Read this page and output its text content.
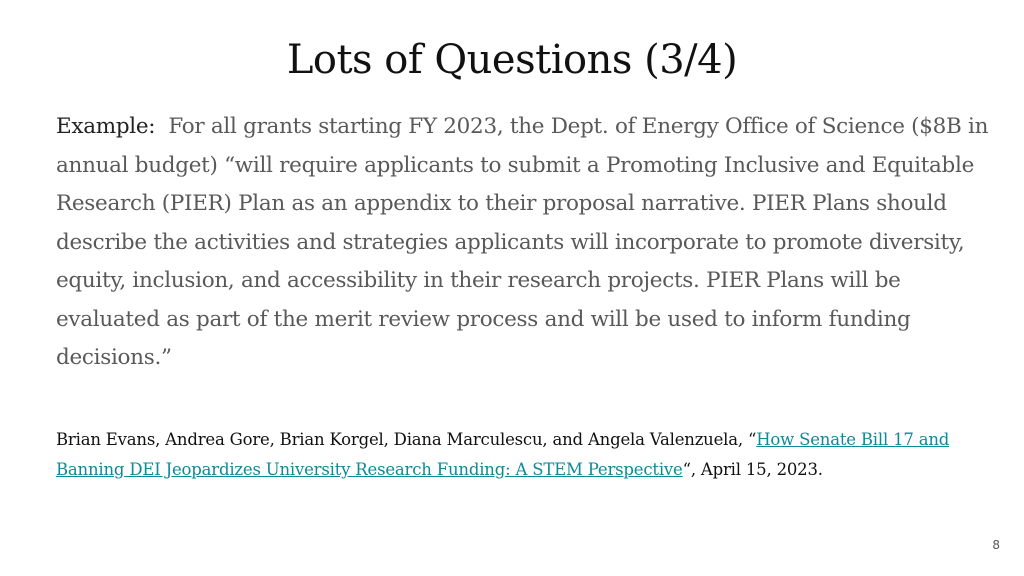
Lots of Questions (3/4)
Example: For all grants starting FY 2023, the Dept. of Energy Office of Science ($8B in annual budget) “will require applicants to submit a Promoting Inclusive and Equitable Research (PIER) Plan as an appendix to their proposal narrative. PIER Plans should describe the activities and strategies applicants will incorporate to promote diversity, equity, inclusion, and accessibility in their research projects. PIER Plans will be evaluated as part of the merit review process and will be used to inform funding decisions.”
Brian Evans, Andrea Gore, Brian Korgel, Diana Marculescu, and Angela Valenzuela, “How Senate Bill 17 and Banning DEI Jeopardizes University Research Funding: A STEM Perspective“, April 15, 2023.
8
